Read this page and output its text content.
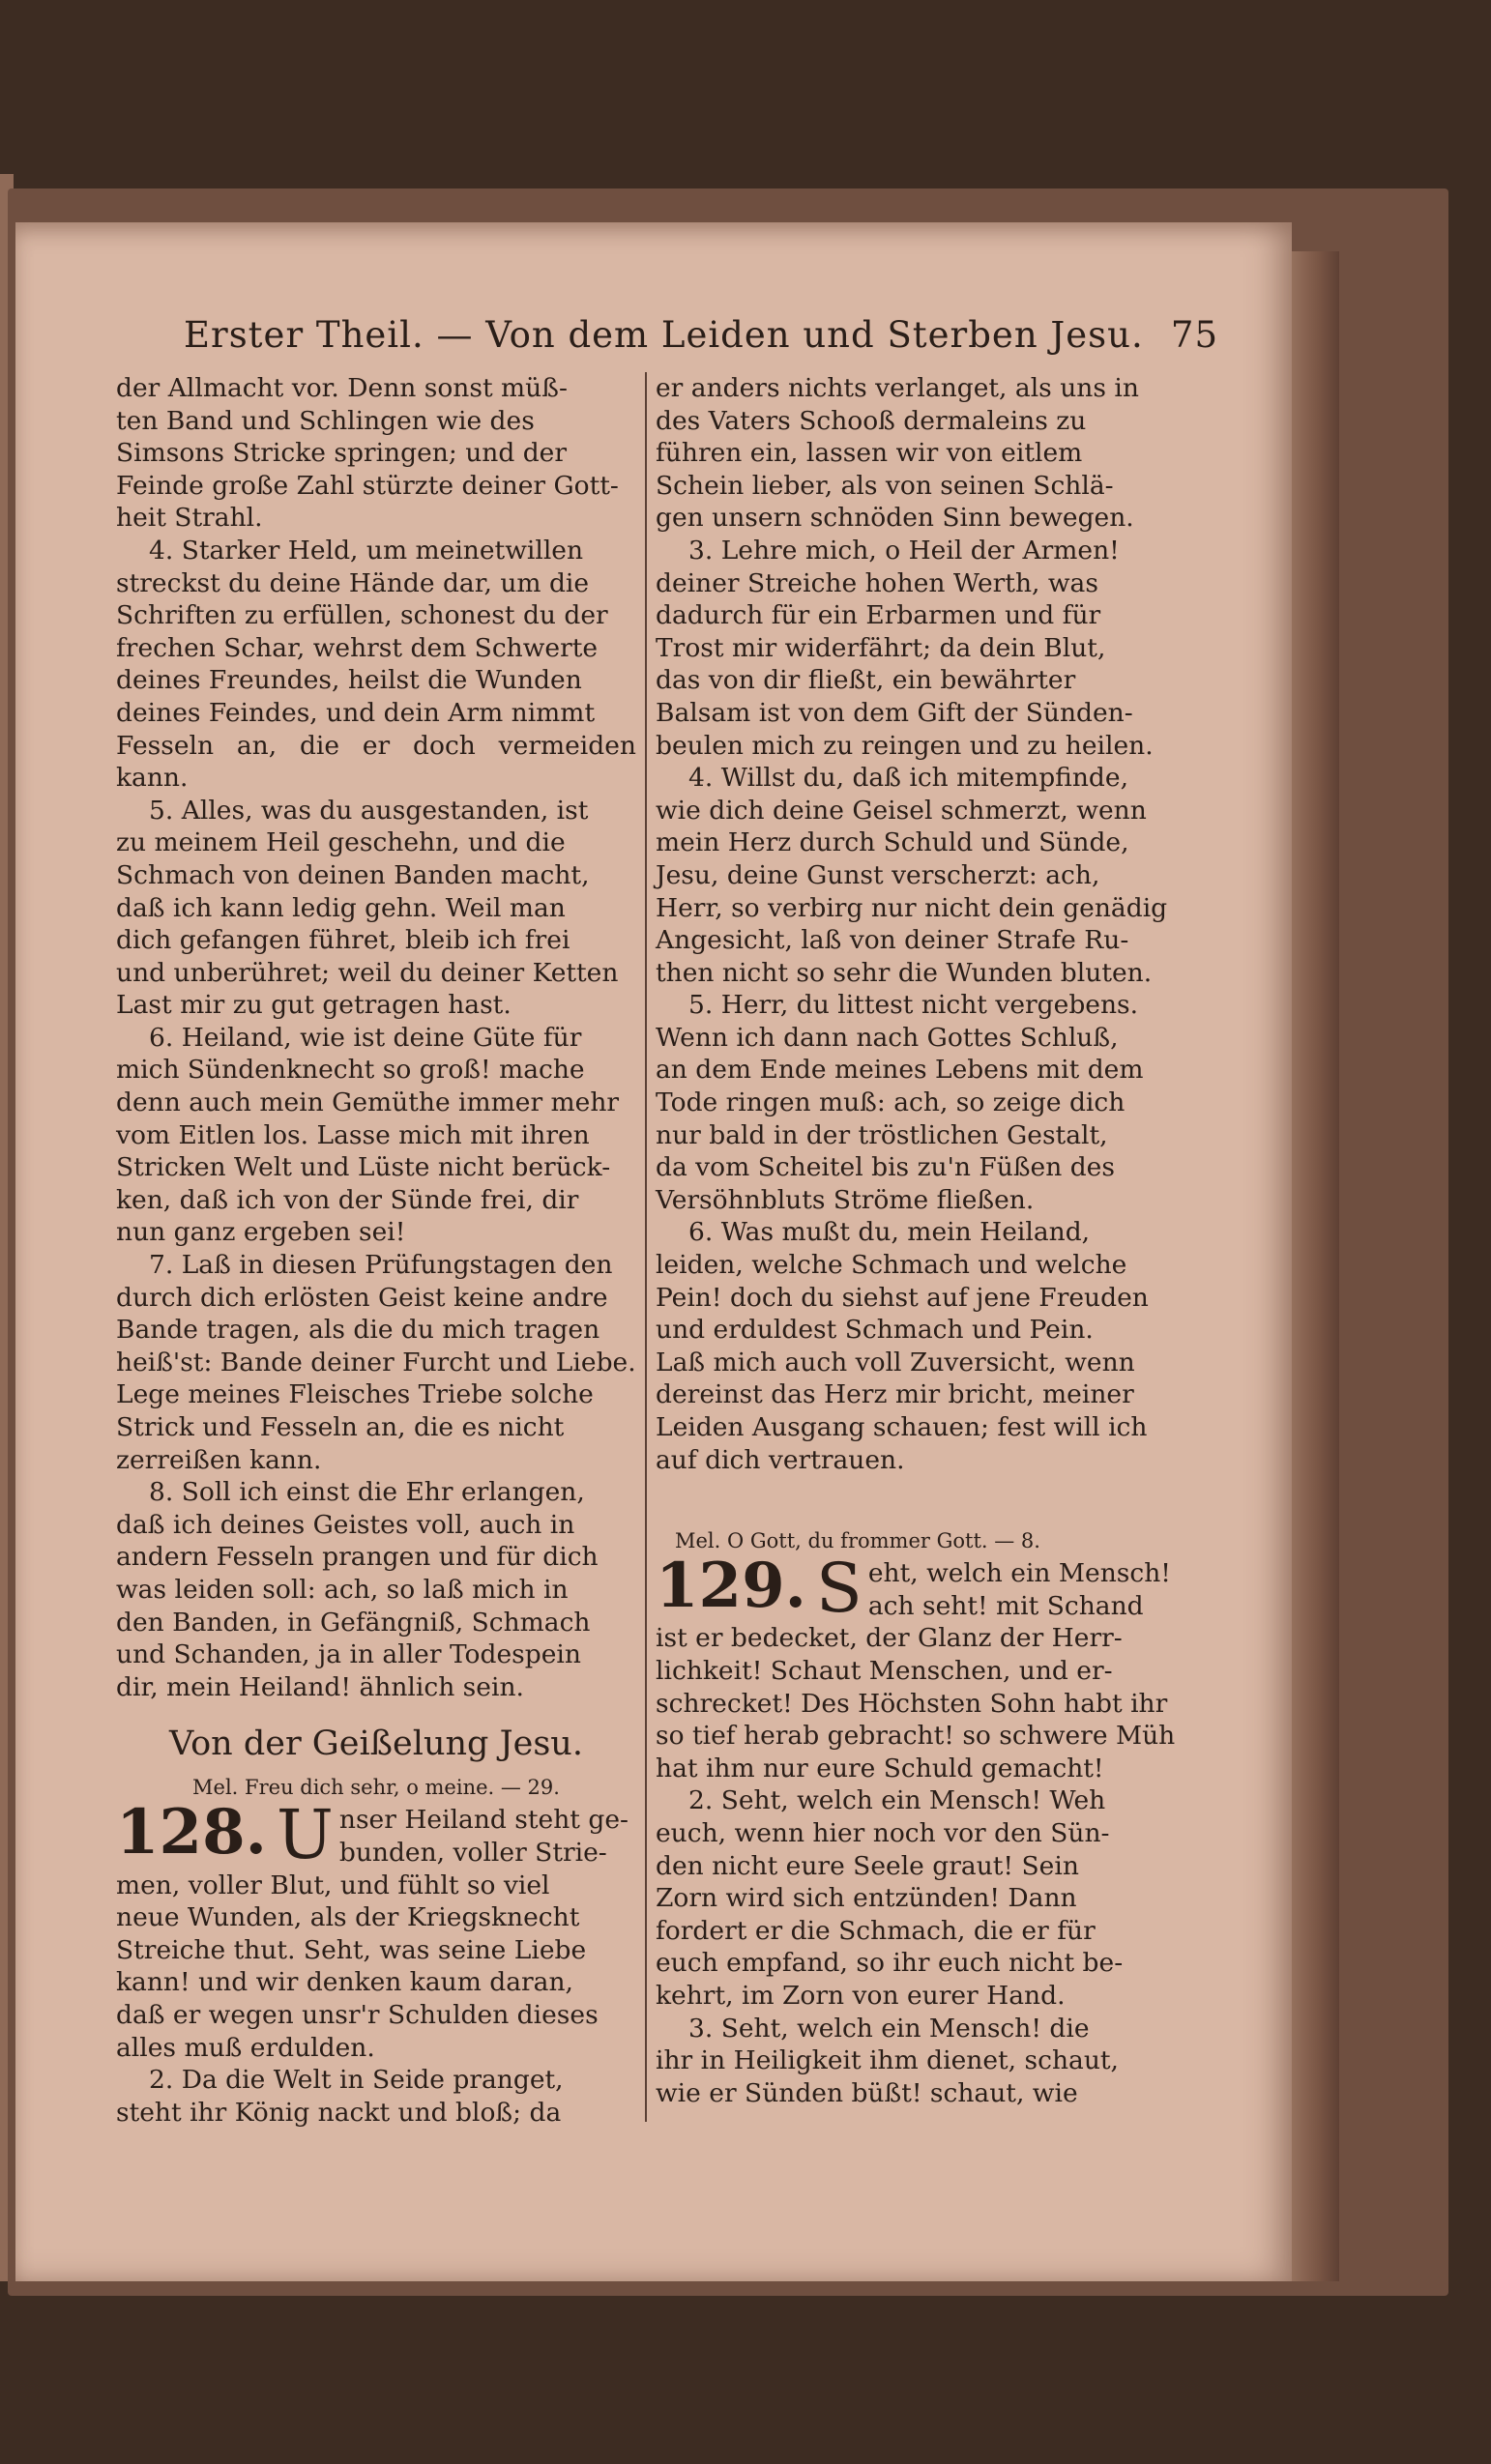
Erster Theil. — Von dem Leiden und Sterben Jesu. 75

der Allmacht vor. Denn sonst müß-

ten Band und Schlingen wie des

Simsons Stricke springen; und der

Feinde große Zahl stürzte deiner Gott-

heit Strahl.

4. Starker Held, um meinetwillen

streckst du deine Hände dar, um die

Schriften zu erfüllen, schonest du der

frechen Schar, wehrst dem Schwerte

deines Freundes, heilst die Wunden

deines Feindes, und dein Arm nimmt

Fesseln an, die er doch vermeiden kann.

5. Alles, was du ausgestanden, ist

zu meinem Heil geschehn, und die

Schmach von deinen Banden macht,

daß ich kann ledig gehn. Weil man

dich gefangen führet, bleib ich frei

und unberühret; weil du deiner Ketten

Last mir zu gut getragen hast.

6. Heiland, wie ist deine Güte für

mich Sündenknecht so groß! mache

denn auch mein Gemüthe immer mehr

vom Eitlen los. Lasse mich mit ihren

Stricken Welt und Lüste nicht berück-

ken, daß ich von der Sünde frei, dir

nun ganz ergeben sei!

7. Laß in diesen Prüfungstagen den

durch dich erlösten Geist keine andre

Bande tragen, als die du mich tragen

heiß'st: Bande deiner Furcht und Liebe.

Lege meines Fleisches Triebe solche

Strick und Fesseln an, die es nicht

zerreißen kann.

8. Soll ich einst die Ehr erlangen,

daß ich deines Geistes voll, auch in

andern Fesseln prangen und für dich

was leiden soll: ach, so laß mich in

den Banden, in Gefängniß, Schmach

und Schanden, ja in aller Todespein

dir, mein Heiland! ähnlich sein.

Von der Geißelung Jesu.
Mel. Freu dich sehr, o meine. — 29.
128. U nser Heiland steht ge-

bunden, voller Strie-

men, voller Blut, und fühlt so viel

neue Wunden, als der Kriegsknecht

Streiche thut. Seht, was seine Liebe

kann! und wir denken kaum daran,

daß er wegen unsr'r Schulden dieses

alles muß erdulden.

2. Da die Welt in Seide pranget,

steht ihr König nackt und bloß; da

er anders nichts verlanget, als uns in

des Vaters Schooß dermaleins zu

führen ein, lassen wir von eitlem

Schein lieber, als von seinen Schlä-

gen unsern schnöden Sinn bewegen.

3. Lehre mich, o Heil der Armen!

deiner Streiche hohen Werth, was

dadurch für ein Erbarmen und für

Trost mir widerfährt; da dein Blut,

das von dir fließt, ein bewährter

Balsam ist von dem Gift der Sünden-

beulen mich zu reingen und zu heilen.

4. Willst du, daß ich mitempfinde,

wie dich deine Geisel schmerzt, wenn

mein Herz durch Schuld und Sünde,

Jesu, deine Gunst verscherzt: ach,

Herr, so verbirg nur nicht dein genädig

Angesicht, laß von deiner Strafe Ru-

then nicht so sehr die Wunden bluten.

5. Herr, du littest nicht vergebens.

Wenn ich dann nach Gottes Schluß,

an dem Ende meines Lebens mit dem

Tode ringen muß: ach, so zeige dich

nur bald in der tröstlichen Gestalt,

da vom Scheitel bis zu'n Füßen des

Versöhnbluts Ströme fließen.

6. Was mußt du, mein Heiland,

leiden, welche Schmach und welche

Pein! doch du siehst auf jene Freuden

und erduldest Schmach und Pein.

Laß mich auch voll Zuversicht, wenn

dereinst das Herz mir bricht, meiner

Leiden Ausgang schauen; fest will ich

auf dich vertrauen.

Mel. O Gott, du frommer Gott. — 8.
129. S eht, welch ein Mensch!

ach seht! mit Schand

ist er bedecket, der Glanz der Herr-

lichkeit! Schaut Menschen, und er-

schrecket! Des Höchsten Sohn habt ihr

so tief herab gebracht! so schwere Müh

hat ihm nur eure Schuld gemacht!

2. Seht, welch ein Mensch! Weh

euch, wenn hier noch vor den Sün-

den nicht eure Seele graut! Sein

Zorn wird sich entzünden! Dann

fordert er die Schmach, die er für

euch empfand, so ihr euch nicht be-

kehrt, im Zorn von eurer Hand.

3. Seht, welch ein Mensch! die

ihr in Heiligkeit ihm dienet, schaut,

wie er Sünden büßt! schaut, wie
